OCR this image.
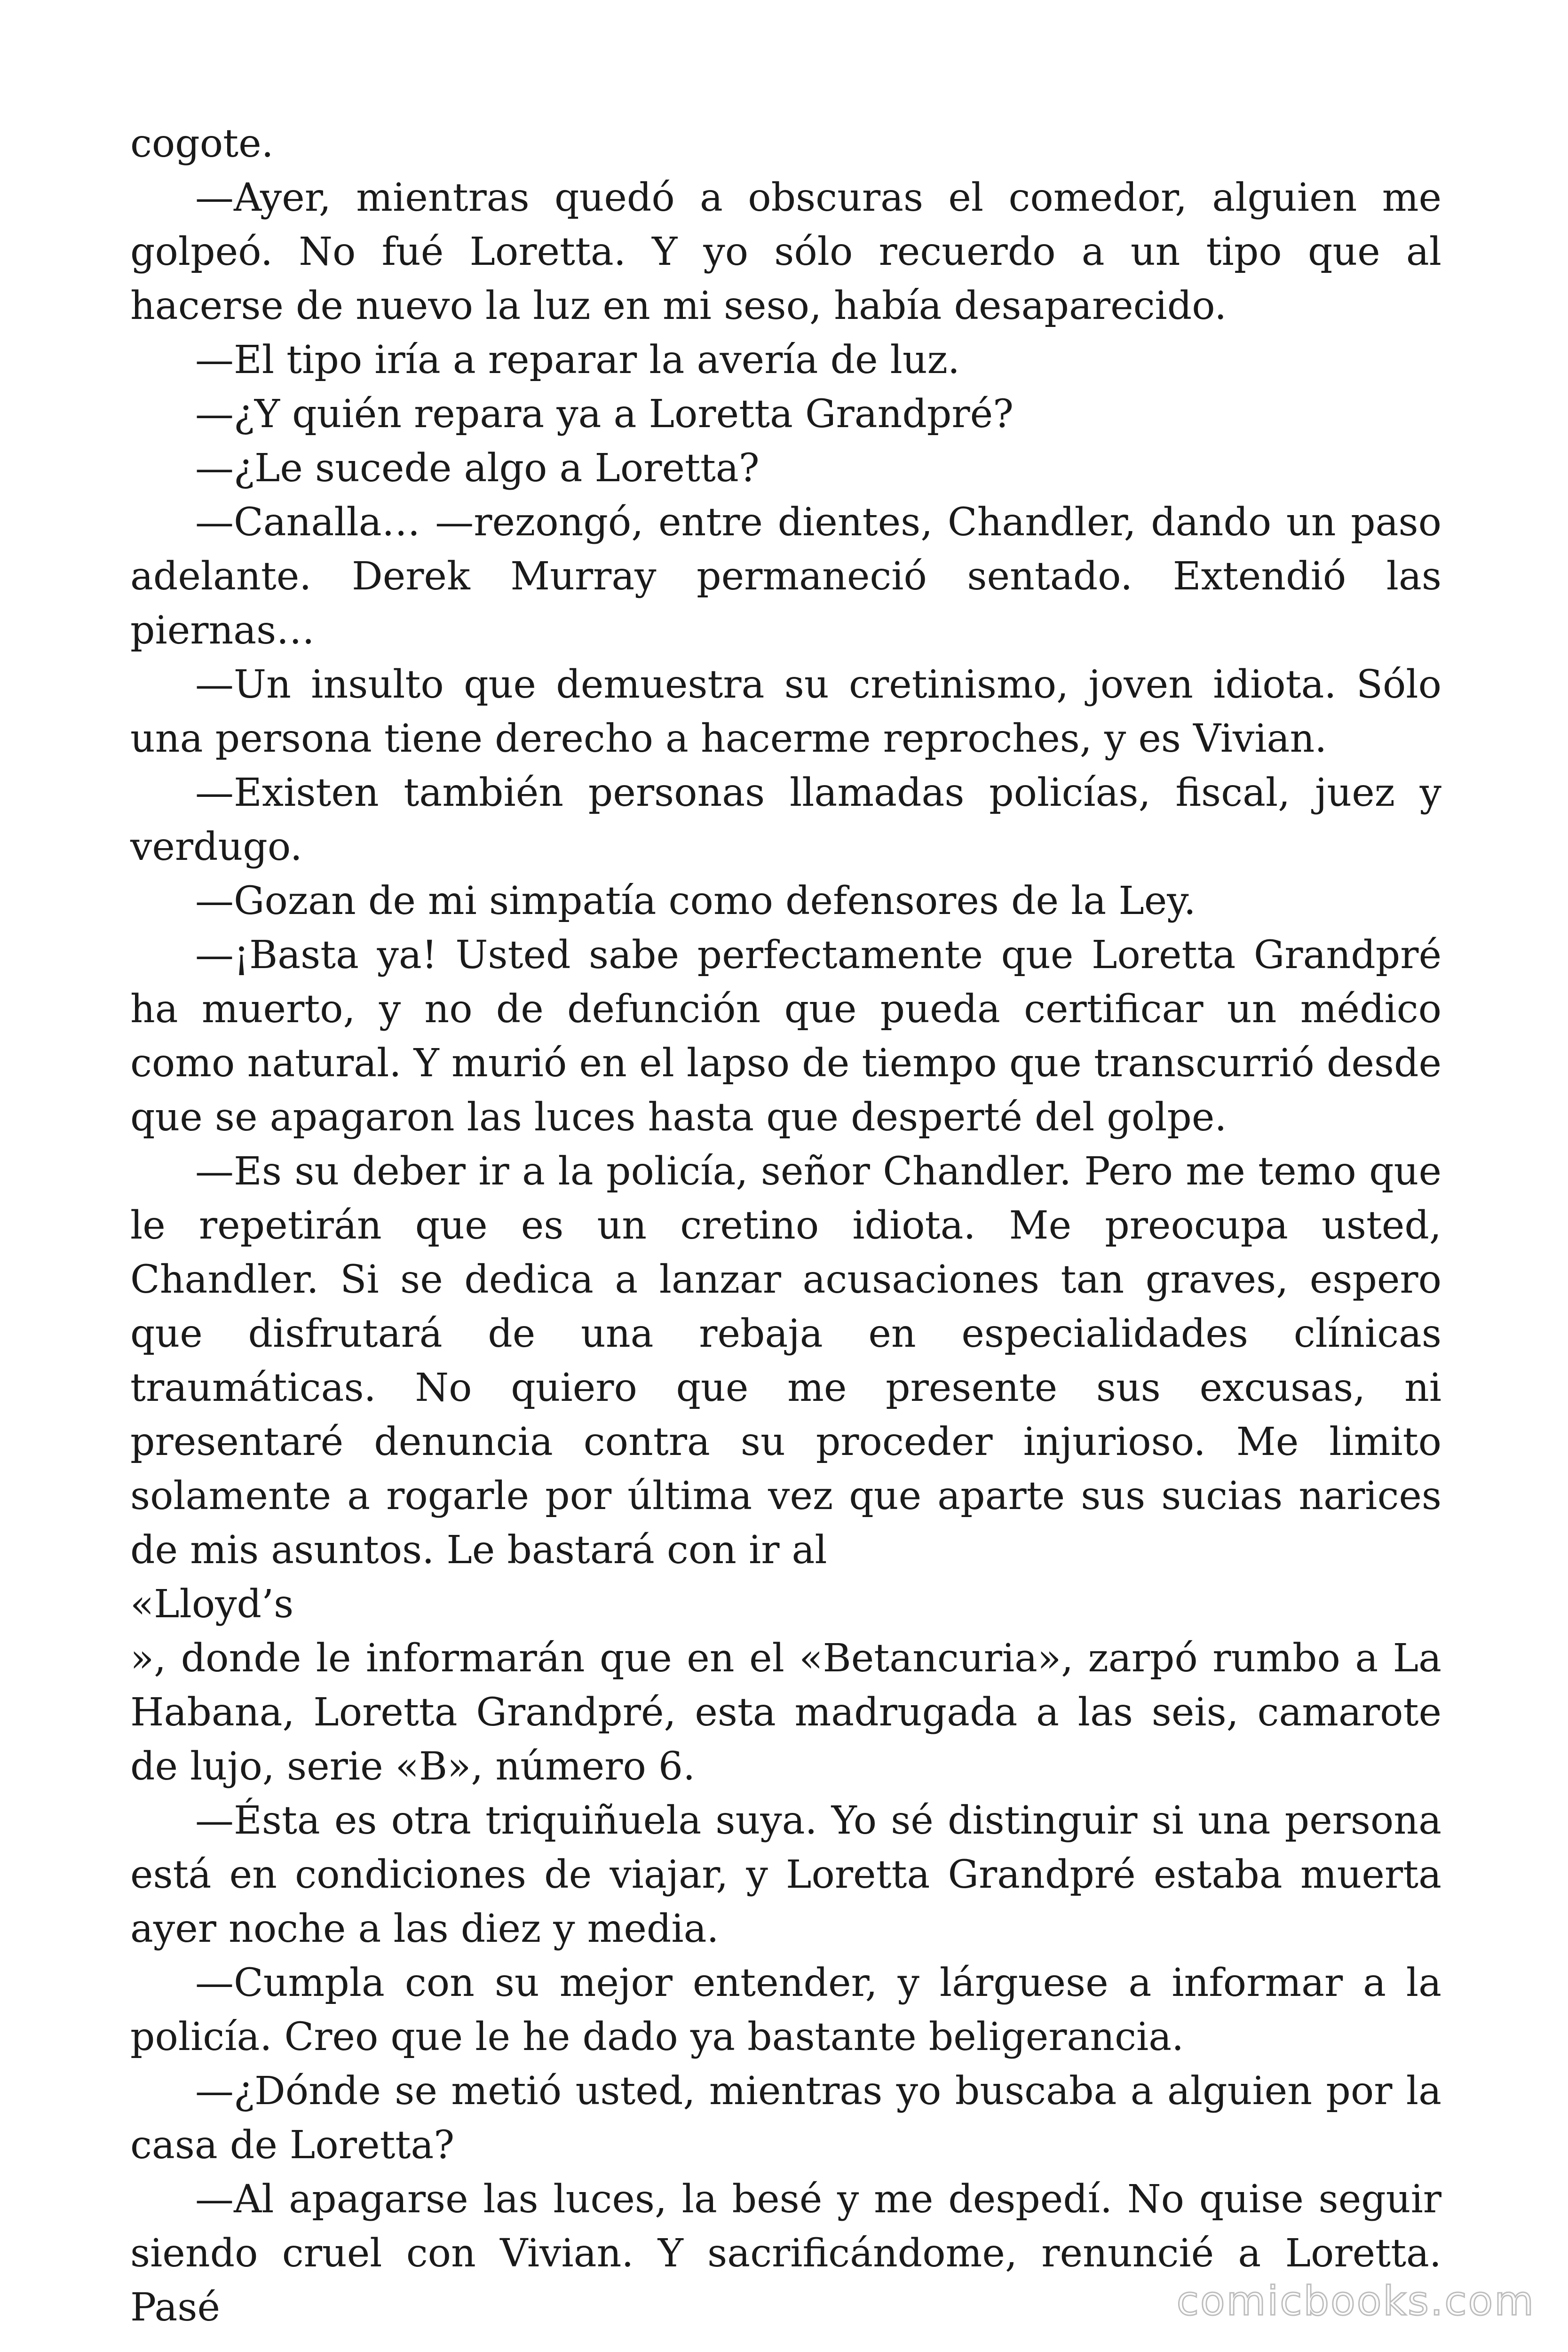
cogote.

—Ayer, mientras quedó a obscuras el comedor, alguien me golpeó. No fué Loretta. Y yo sólo recuerdo a un tipo que al hacerse de nuevo la luz en mi seso, había desaparecido.

—El tipo iría a reparar la avería de luz.

—¿Y quién repara ya a Loretta Grandpré?

—¿Le sucede algo a Loretta?

—Canalla… —rezongó, entre dientes, Chandler, dando un paso adelante. Derek Murray permaneció sentado. Extendió las piernas…

—Un insulto que demuestra su cretinismo, joven idiota. Sólo una persona tiene derecho a hacerme reproches, y es Vivian.

—Existen también personas llamadas policías, fiscal, juez y verdugo.

—Gozan de mi simpatía como defensores de la Ley.

—¡Basta ya! Usted sabe perfectamente que Loretta Grandpré ha muerto, y no de defunción que pueda certificar un médico como natural. Y murió en el lapso de tiempo que transcurrió desde que se apagaron las luces hasta que desperté del golpe.

—Es su deber ir a la policía, señor Chandler. Pero me temo que le repetirán que es un cretino idiota. Me preocupa usted, Chandler. Si se dedica a lanzar acusaciones tan graves, espero que disfrutará de una rebaja en especialidades clínicas traumáticas. No quiero que me presente sus excusas, ni presentaré denuncia contra su proceder injurioso. Me limito solamente a rogarle por última vez que aparte sus sucias narices de mis asuntos. Le bastará con ir al

«Lloyd’s

», donde le informarán que en el «Betancuria», zarpó rumbo a La Habana, Loretta Grandpré, esta madrugada a las seis, camarote de lujo, serie «B», número 6.

—Ésta es otra triquiñuela suya. Yo sé distinguir si una persona está en condiciones de viajar, y Loretta Grandpré estaba muerta ayer noche a las diez y media.

—Cumpla con su mejor entender, y lárguese a informar a la policía. Creo que le he dado ya bastante beligerancia.

—¿Dónde se metió usted, mientras yo buscaba a alguien por la casa de Loretta?

—Al apagarse las luces, la besé y me despedí. No quise seguir siendo cruel con Vivian. Y sacrificándome, renuncié a Loretta. Pasé	comicbooks.com
